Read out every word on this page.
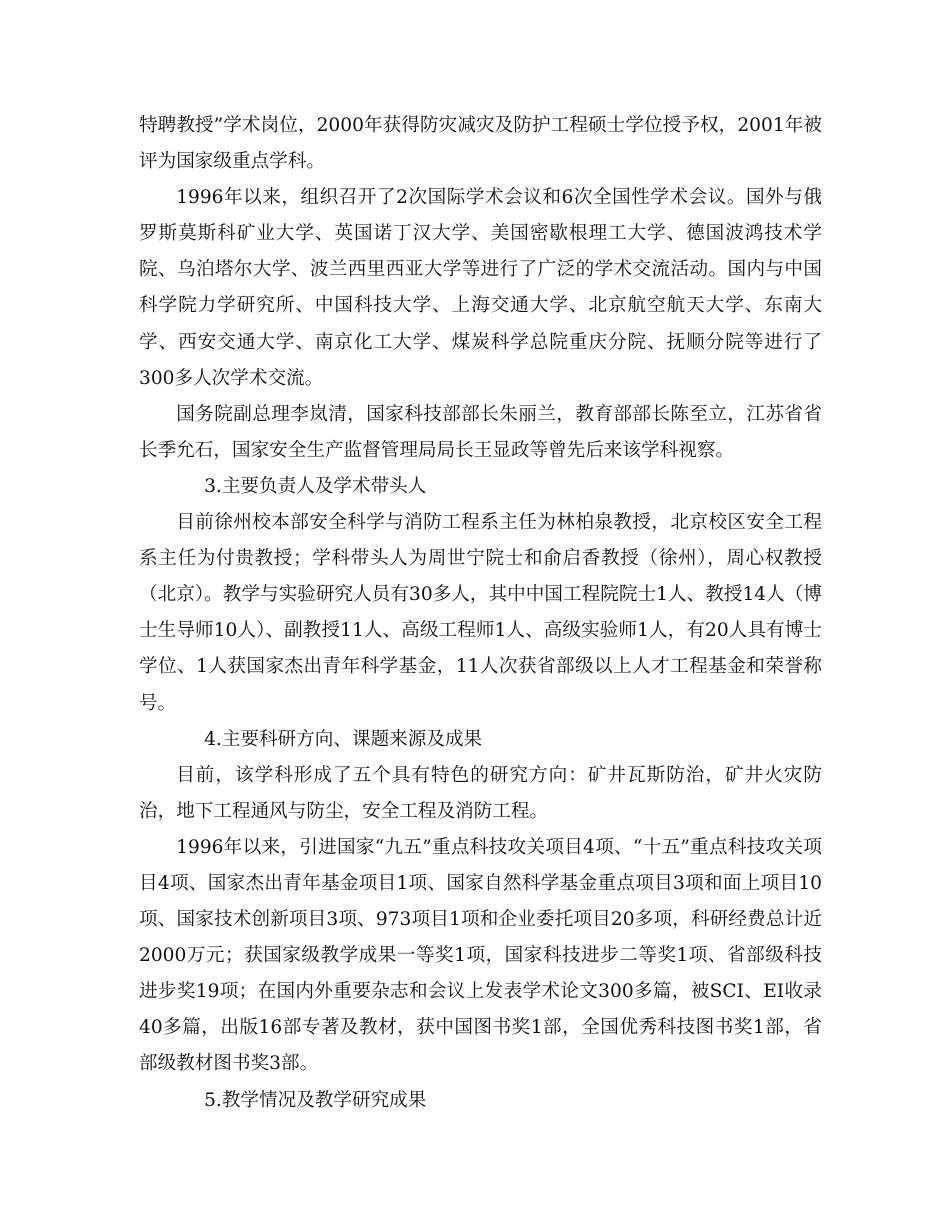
特聘教授”学术岗位，2000年获得防灾减灾及防护工程硕士学位授予权，2001年被评为国家级重点学科。

1996年以来，组织召开了2次国际学术会议和6次全国性学术会议。国外与俄罗斯莫斯科矿业大学、英国诺丁汉大学、美国密歇根理工大学、德国波鸿技术学院、乌泊塔尔大学、波兰西里西亚大学等进行了广泛的学术交流活动。国内与中国科学院力学研究所、中国科技大学、上海交通大学、北京航空航天大学、东南大学、西安交通大学、南京化工大学、煤炭科学总院重庆分院、抚顺分院等进行了300多人次学术交流。

国务院副总理李岚清，国家科技部部长朱丽兰，教育部部长陈至立，江苏省省长季允石，国家安全生产监督管理局局长王显政等曾先后来该学科视察。

3.主要负责人及学术带头人

目前徐州校本部安全科学与消防工程系主任为林柏泉教授，北京校区安全工程系主任为付贵教授；学科带头人为周世宁院士和俞启香教授（徐州），周心权教授（北京）。教学与实验研究人员有30多人，其中中国工程院院士1人、教授14人（博士生导师10人）、副教授11人、高级工程师1人、高级实验师1人，有20人具有博士学位、1人获国家杰出青年科学基金，11人次获省部级以上人才工程基金和荣誉称号。

4.主要科研方向、课题来源及成果

目前，该学科形成了五个具有特色的研究方向：矿井瓦斯防治，矿井火灾防治，地下工程通风与防尘，安全工程及消防工程。

1996年以来，引进国家“九五”重点科技攻关项目4项、“十五”重点科技攻关项目4项、国家杰出青年基金项目1项、国家自然科学基金重点项目3项和面上项目10项、国家技术创新项目3项、973项目1项和企业委托项目20多项，科研经费总计近2000万元；获国家级教学成果一等奖1项，国家科技进步二等奖1项、省部级科技进步奖19项；在国内外重要杂志和会议上发表学术论文300多篇，被SCI、EI收录40多篇，出版16部专著及教材，获中国图书奖1部，全国优秀科技图书奖1部，省部级教材图书奖3部。

5.教学情况及教学研究成果
